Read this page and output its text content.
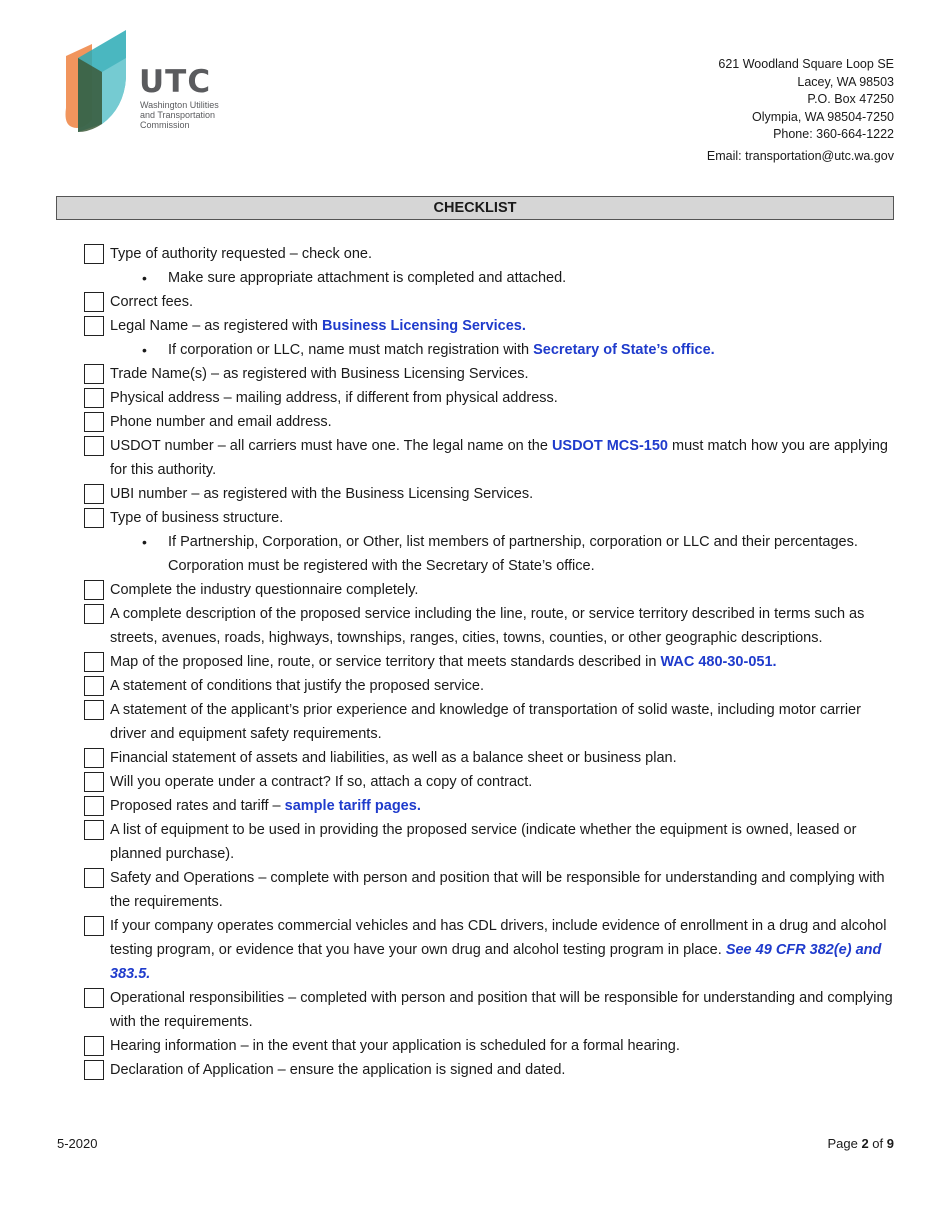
UTC
Washington Utilities
and Transportation
Commission
621 Woodland Square Loop SE
Lacey, WA 98503
P.O. Box 47250
Olympia, WA 98504-7250
Phone: 360-664-1222
Email: transportation@utc.wa.gov
CHECKLIST
Type of authority requested – check one.
•	Make sure appropriate attachment is completed and attached.
Correct fees.
Legal Name – as registered with Business Licensing Services.
•	If corporation or LLC, name must match registration with Secretary of State’s office.
Trade Name(s) – as registered with Business Licensing Services.
Physical address – mailing address, if different from physical address.
Phone number and email address.
USDOT number – all carriers must have one. The legal name on the USDOT MCS-150 must match how you are applying for this authority.
UBI number – as registered with the Business Licensing Services.
Type of business structure.
•	If Partnership, Corporation, or Other, list members of partnership, corporation or LLC and their percentages. Corporation must be registered with the Secretary of State’s office.
Complete the industry questionnaire completely.
A complete description of the proposed service including the line, route, or service territory described in terms such as streets, avenues, roads, highways, townships, ranges, cities, towns, counties, or other geographic descriptions.
Map of the proposed line, route, or service territory that meets standards described in WAC 480-30-051.
A statement of conditions that justify the proposed service.
A statement of the applicant’s prior experience and knowledge of transportation of solid waste, including motor carrier driver and equipment safety requirements.
Financial statement of assets and liabilities, as well as a balance sheet or business plan.
Will you operate under a contract? If so, attach a copy of contract.
Proposed rates and tariff – sample tariff pages.
A list of equipment to be used in providing the proposed service (indicate whether the equipment is owned, leased or planned purchase).
Safety and Operations – complete with person and position that will be responsible for understanding and complying with the requirements.
If your company operates commercial vehicles and has CDL drivers, include evidence of enrollment in a drug and alcohol testing program, or evidence that you have your own drug and alcohol testing program in place. See 49 CFR 382(e) and 383.5.
Operational responsibilities – completed with person and position that will be responsible for understanding and complying with the requirements.
Hearing information – in the event that your application is scheduled for a formal hearing.
Declaration of Application – ensure the application is signed and dated.
5-2020	Page 2 of 9
